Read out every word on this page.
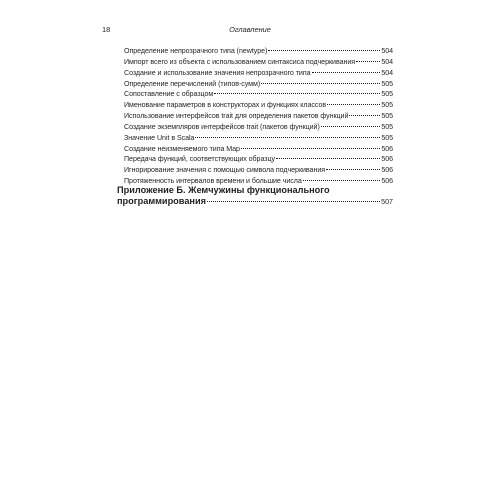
18	Оглавление
Определение непрозрачного типа (newtype)	504
Импорт всего из объекта с использованием синтаксиса подчеркивания	504
Создание и использование значения непрозрачного типа	504
Определение перечислений (типов-сумм)	505
Сопоставление с образцом	505
Именование параметров в конструкторах и функциях классов	505
Использование интерфейсов trait для определения пакетов функций	505
Создание экземпляров интерфейсов trait (пакетов функций)	505
Значение Unit в Scala	505
Создание неизменяемого типа Map	506
Передача функций, соответствующих образцу	506
Игнорирование значения с помощью символа подчеркивания	506
Протяженность интервалов времени и большие числа	506
Приложение Б. Жемчужины функционального
программирования	507
